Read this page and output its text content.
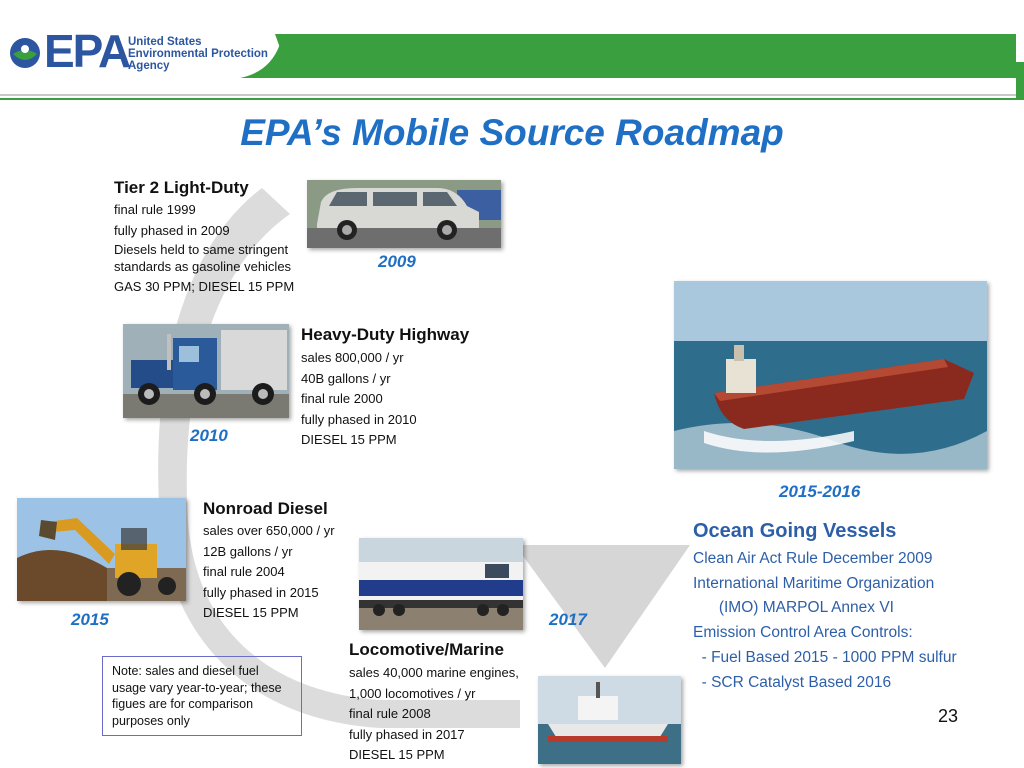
EPA
United States
Environmental Protection
Agency
EPA’s Mobile Source Roadmap
Tier 2 Light-Duty
final rule 1999
fully phased in 2009
Diesels held to same stringent
standards as gasoline vehicles
GAS 30 PPM; DIESEL 15 PPM
2009
2010
Heavy-Duty Highway
sales 800,000 / yr
40B gallons / yr
final rule 2000
fully phased in 2010
DIESEL 15 PPM
2015-2016
Ocean Going Vessels
Clean Air Act Rule December 2009
International Maritime Organization
(IMO) MARPOL Annex VI
Emission Control Area Controls:
- Fuel Based 2015 - 1000 PPM sulfur
- SCR Catalyst Based 2016
2015
Nonroad Diesel
sales over 650,000 / yr
12B gallons / yr
final rule 2004
fully phased in 2015
DIESEL 15 PPM	2017
Locomotive/Marine
sales 40,000 marine engines,
1,000 locomotives / yr
final rule 2008
fully phased in 2017
DIESEL 15 PPM
Note: sales and diesel fuel usage vary year-to-year; these figues are for comparison purposes only	23
